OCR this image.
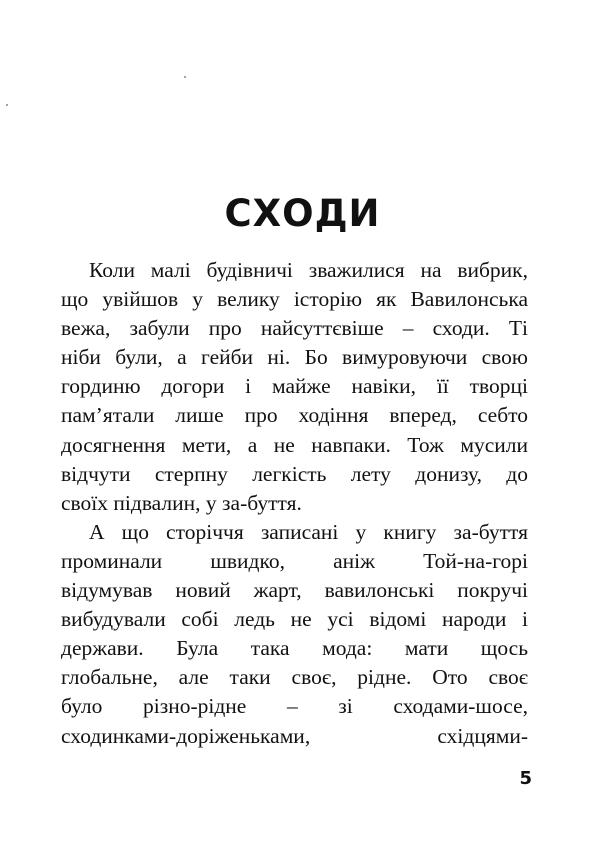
СХОДИ
Коли малі будівничі зважилися на вибрик,
що увійшов у велику історію як Вавилонська
вежа, забули про найсуттєвіше – сходи. Ті
ніби були, а гейби ні. Бо вимуровуючи свою
гординю догори і майже навіки, її творці
пам’ятали лише про ходіння вперед, себто
досягнення мети, а не навпаки. Тож мусили
відчути стерпну легкість лету донизу, до
своїх підвалин, у за-буття.
А що сторіччя записані у книгу за-буття
проминали швидко, аніж Той-на-горі
відумував новий жарт, вавилонські покручі
вибудували собі ледь не усі відомі народи і
держави. Була така мода: мати щось
глобальне, але таки своє, рідне. Ото своє
було різно-рідне – зі сходами-шосе,
сходинками-доріженьками, східцями-
5
